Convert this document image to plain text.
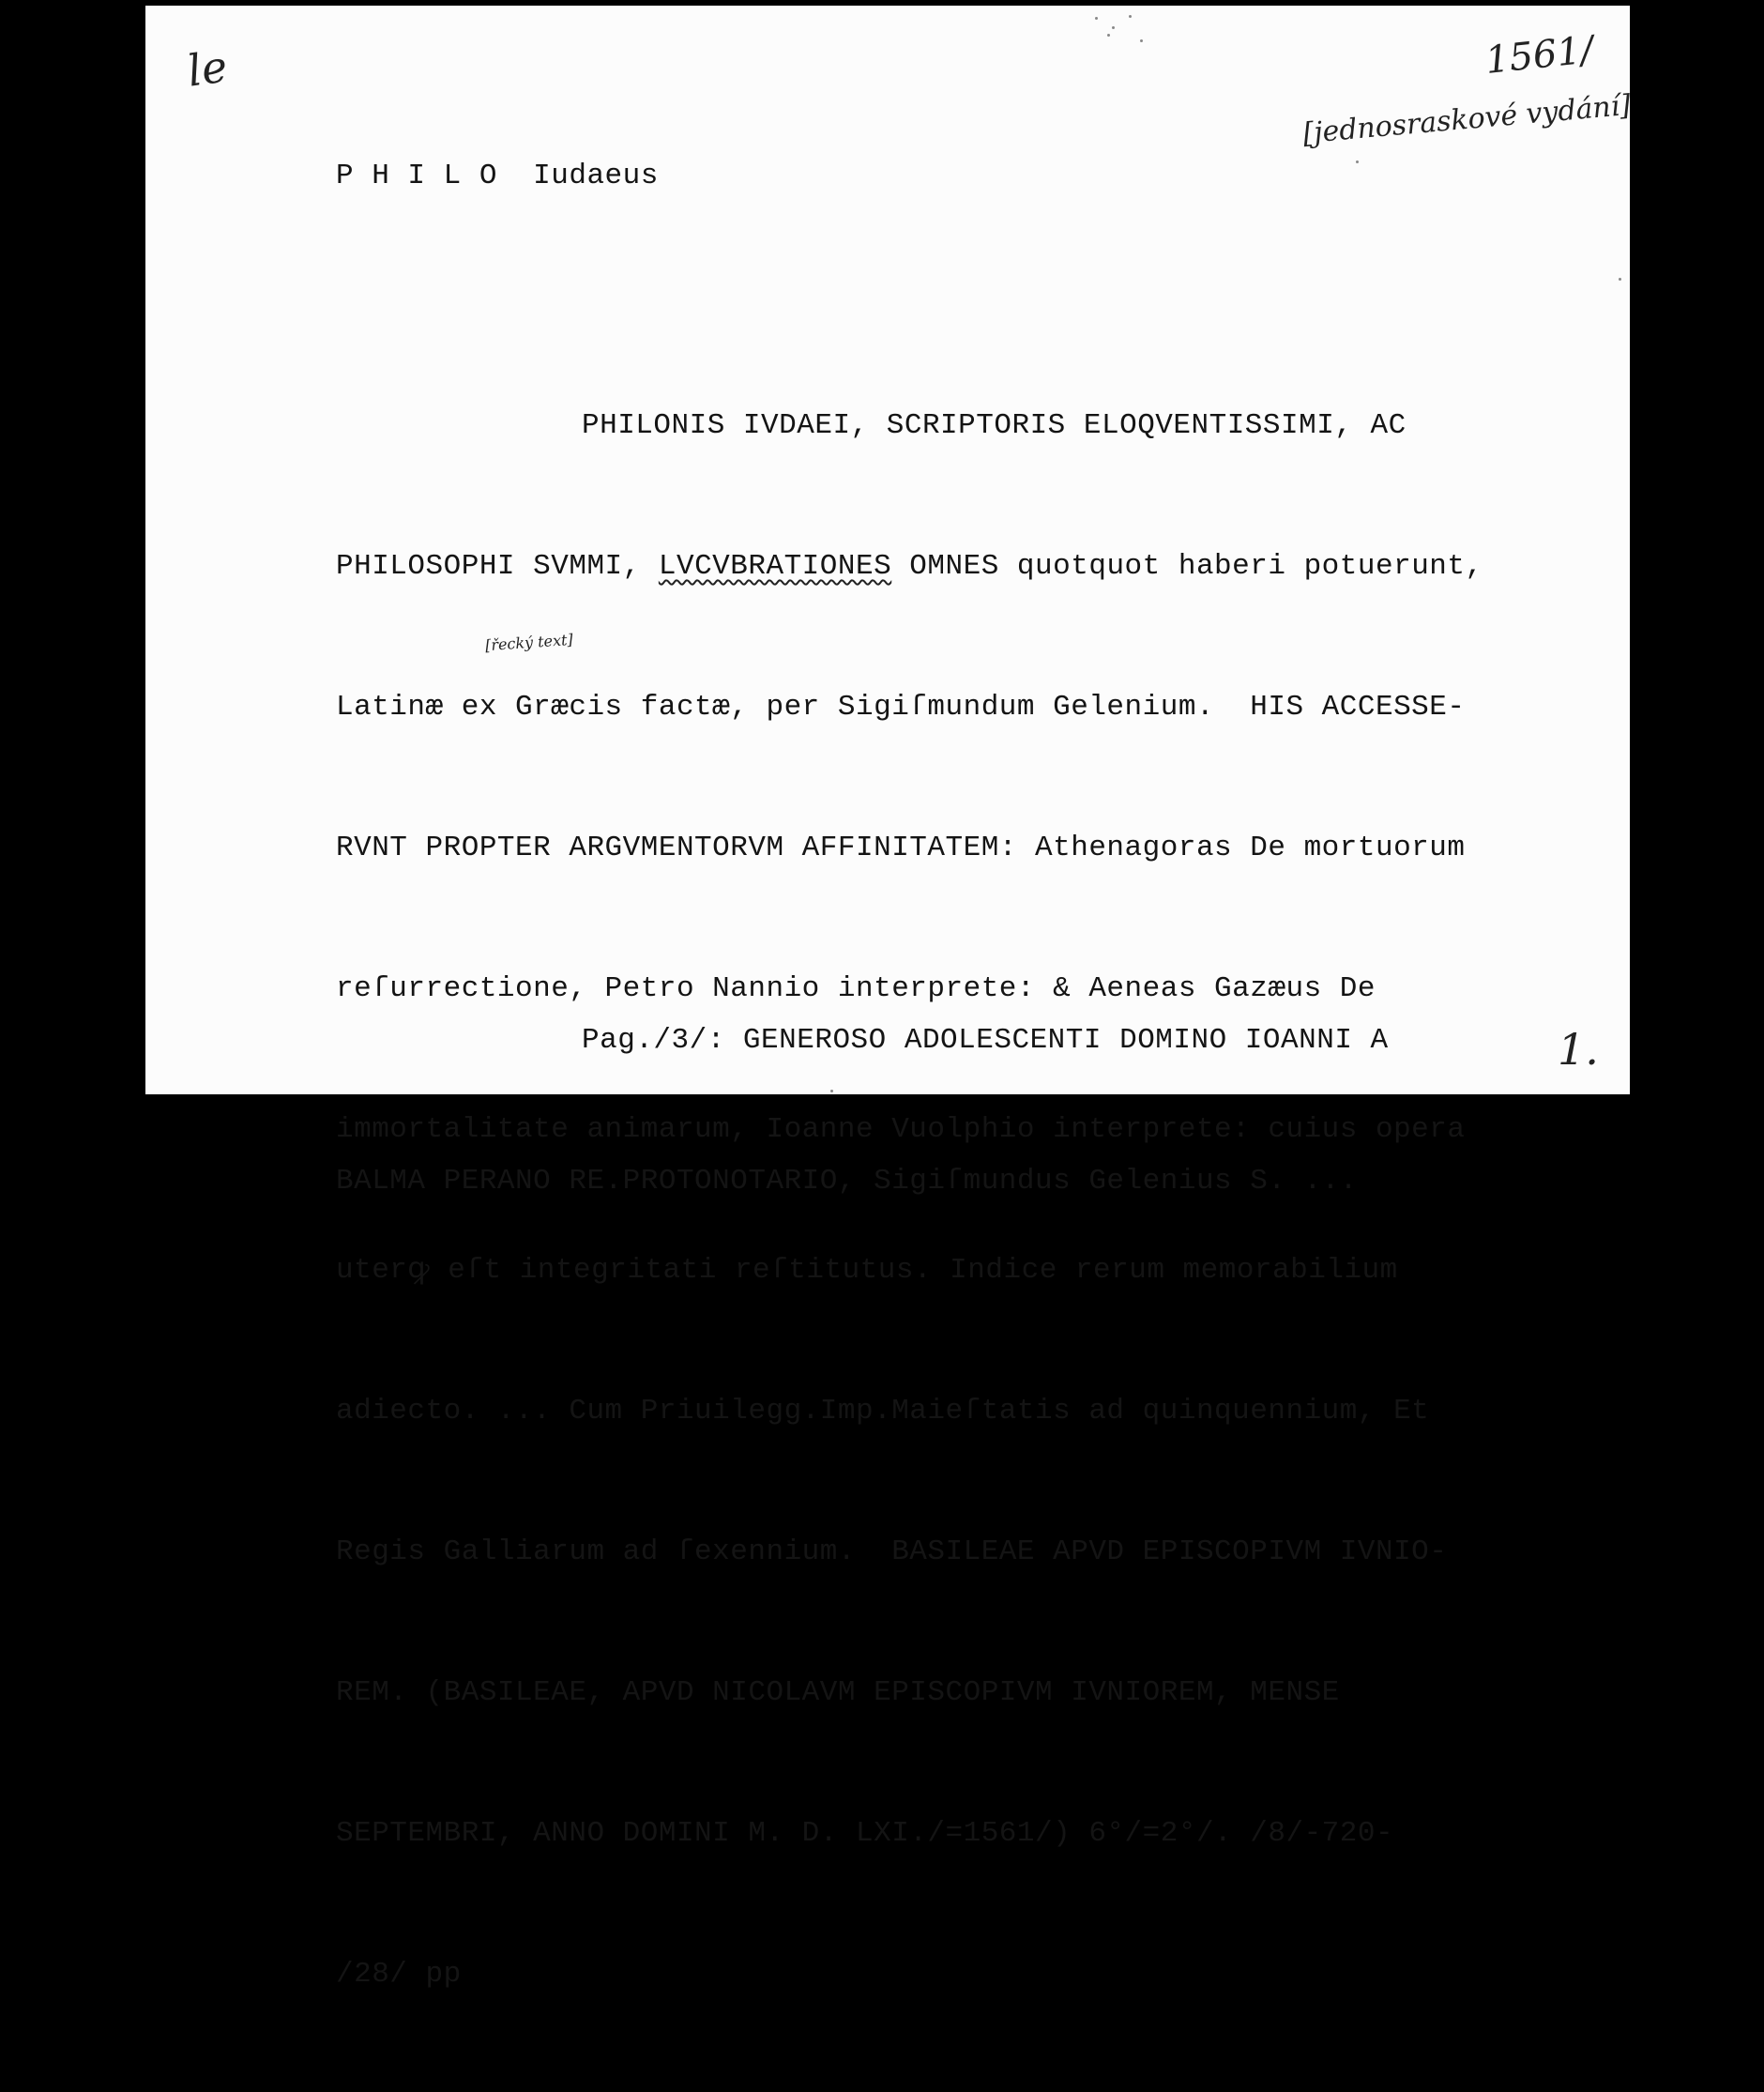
le	1561/
[jednosraskové vydání]
P H I L O  Iudaeus

PHILONIS IVDAEI, SCRIPTORIS ELOQVENTISSIMI, AC

PHILOSOPHI SVMMI, LVCVBRATIONES OMNES quotquot haberi potuerunt,

Latinæ ex Græcis factæ, per Sigiſmundum Gelenium.  HIS ACCESSE-

RVNT PROPTER ARGVMENTORVM AFFINITATEM: Athenagoras De mortuorum

reſurrectione, Petro Nannio interprete: & Aeneas Gazæus De

immortalitate animarum, Ioanne Vuolphio interprete: cuius opera

uterꝙ eſt integritati reſtitutus. Indice rerum memorabilium

adiecto. ... Cum Priuilegg.Imp.Maieſtatis ad quinquennium, Et

Regis Galliarum ad ſexennium.  BASILEAE APVD EPISCOPIVM IVNIO-

REM. (BASILEAE, APVD NICOLAVM EPISCOPIVM IVNIOREM, MENSE

SEPTEMBRI, ANNO DOMINI M. D. LXI./=1561/) 6°/=2°/. /8/-720-

/28/ pp

[řecký text]

Pag./3/: GENEROSO ADOLESCENTI DOMINO IOANNI A

BALMA PERANO RE.PROTONOTARIO, Sigiſmundus Gelenius S. ...

1.
